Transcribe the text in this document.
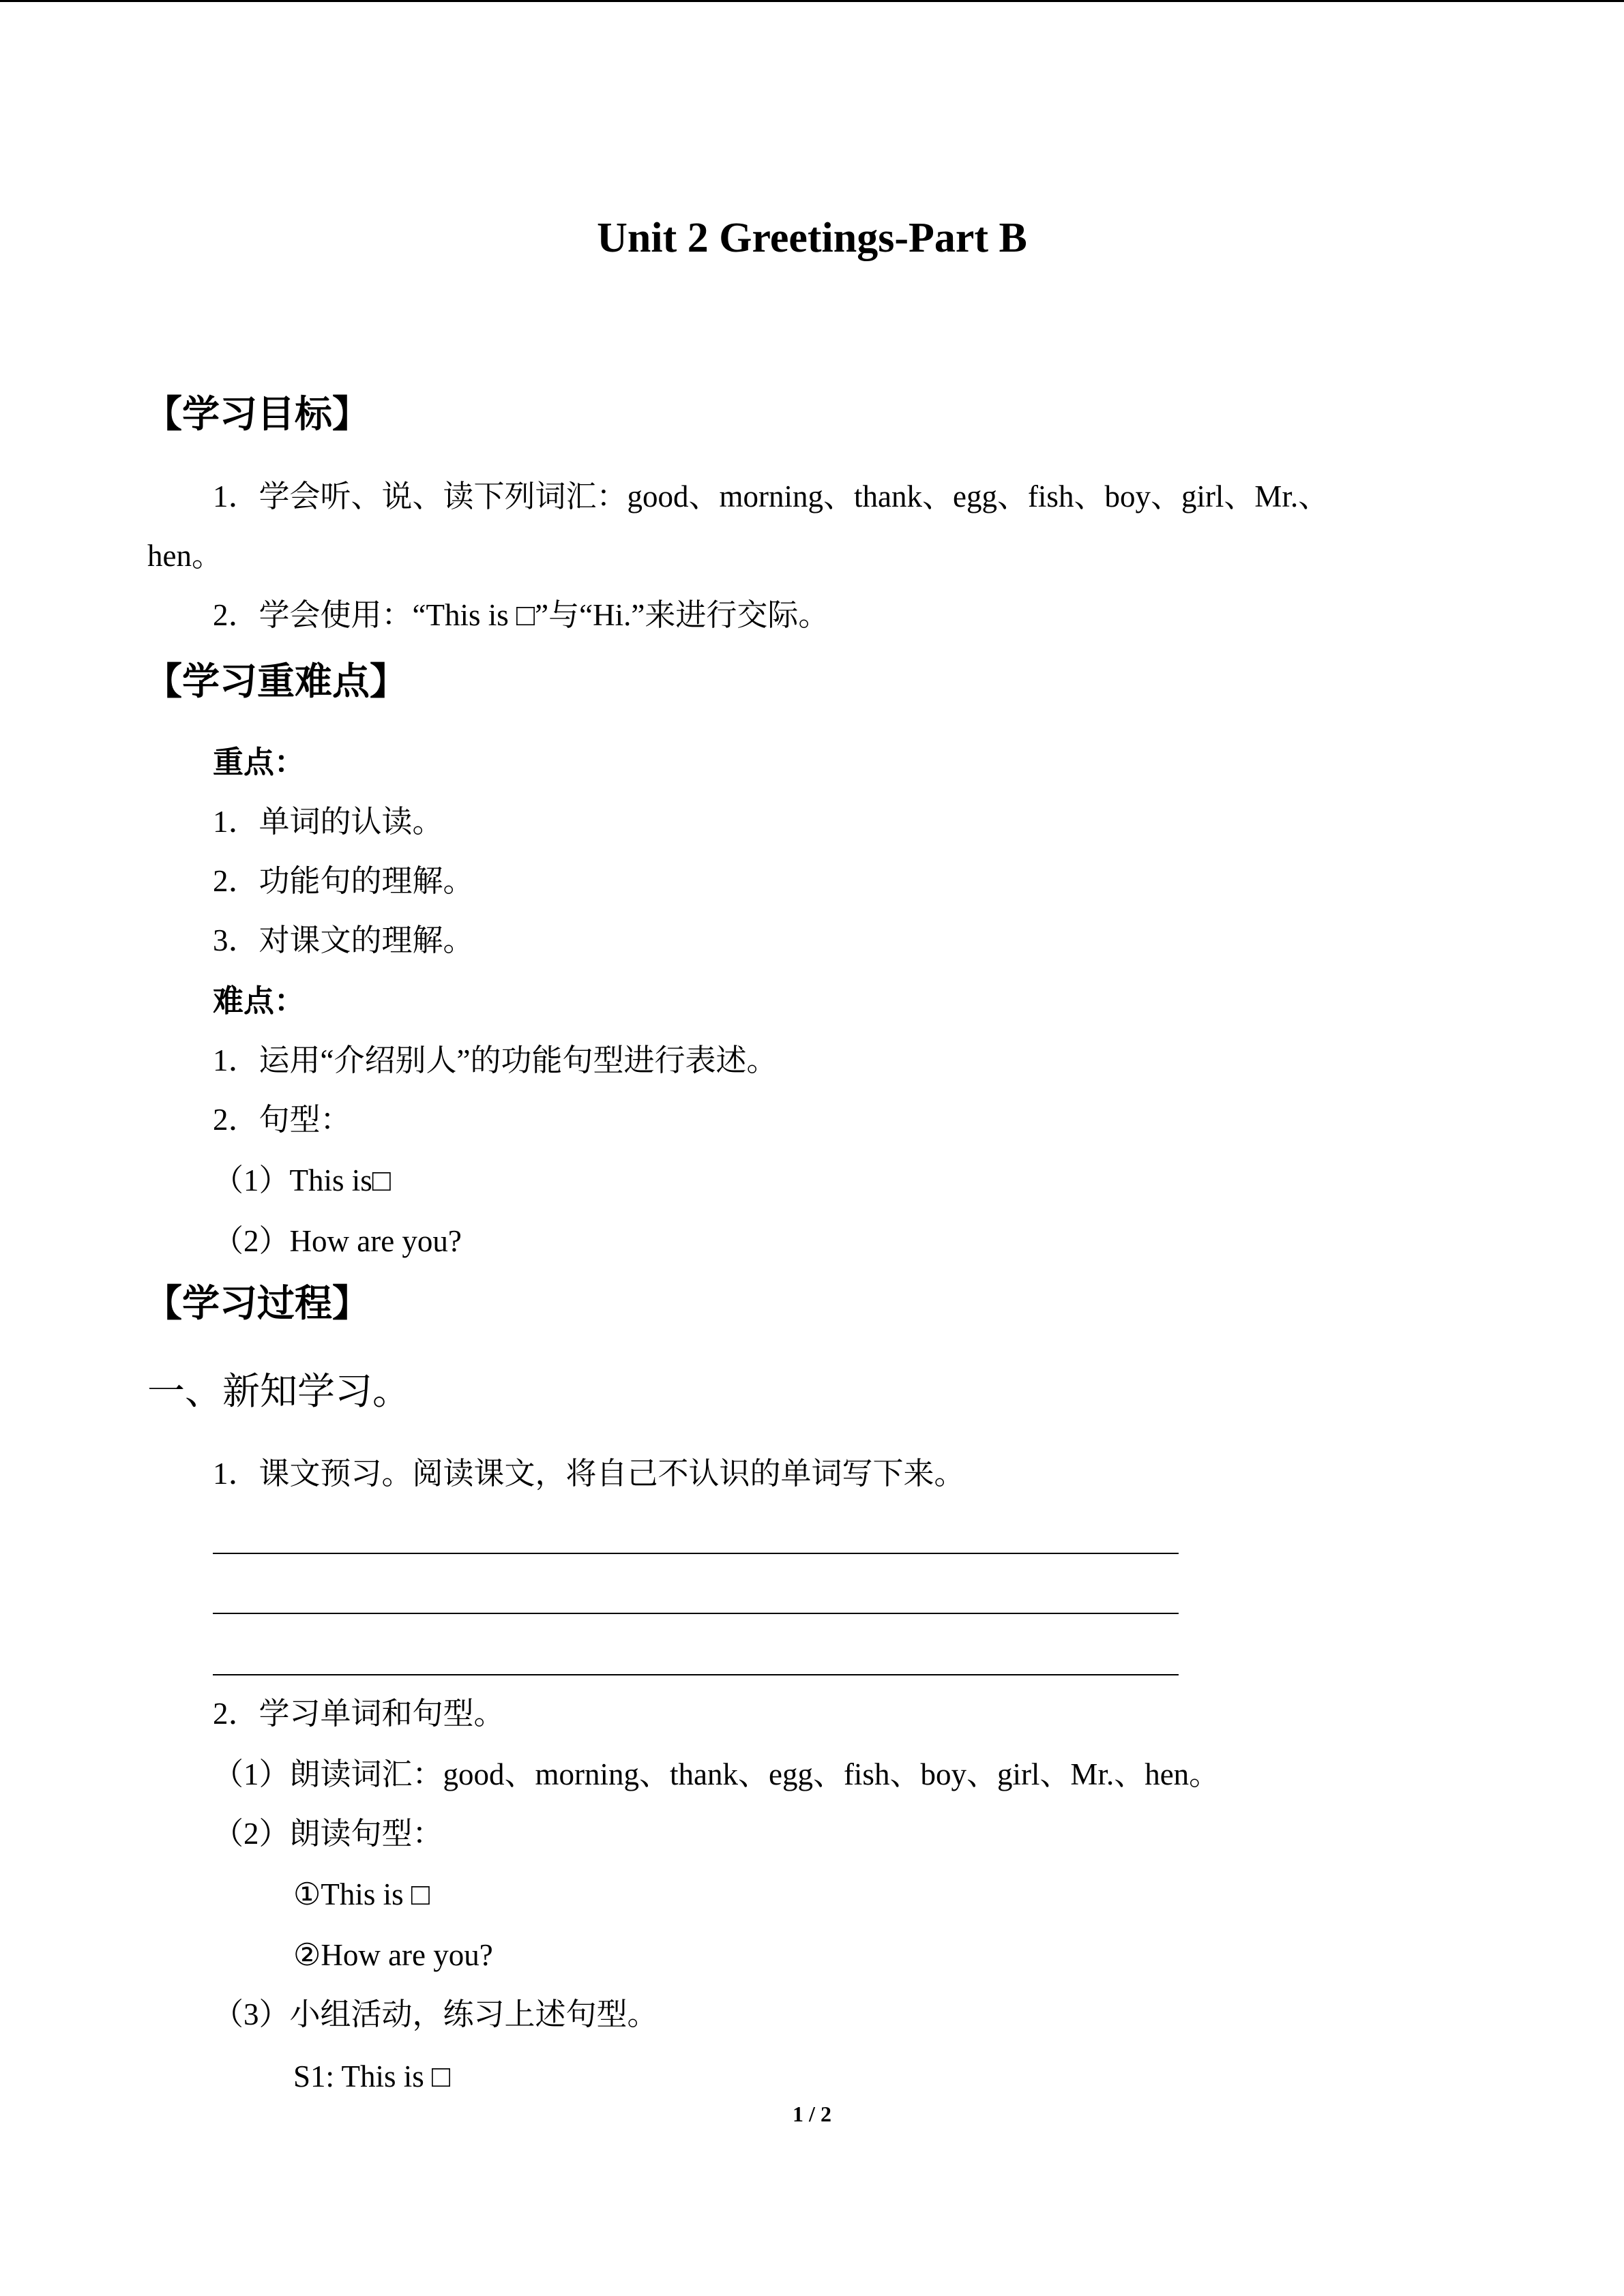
Unit 2 Greetings-Part B
【学习目标】
1．学会听、说、读下列词汇：good、morning、thank、egg、fish、boy、girl、Mr.、
hen。
2．学会使用：“This is □”与“Hi.”来进行交际。
【学习重难点】
重点：
1．单词的认读。
2．功能句的理解。
3．对课文的理解。
难点：
1．运用“介绍别人”的功能句型进行表述。
2．句型：
（1）This is□
（2）How are you?
【学习过程】
一、新知学习。
1．课文预习。阅读课文，将自己不认识的单词写下来。
2．学习单词和句型。
（1）朗读词汇：good、morning、thank、egg、fish、boy、girl、Mr.、hen。
（2）朗读句型：
①This is □
②How are you?
（3）小组活动，练习上述句型。
S1: This is □
1 / 2
